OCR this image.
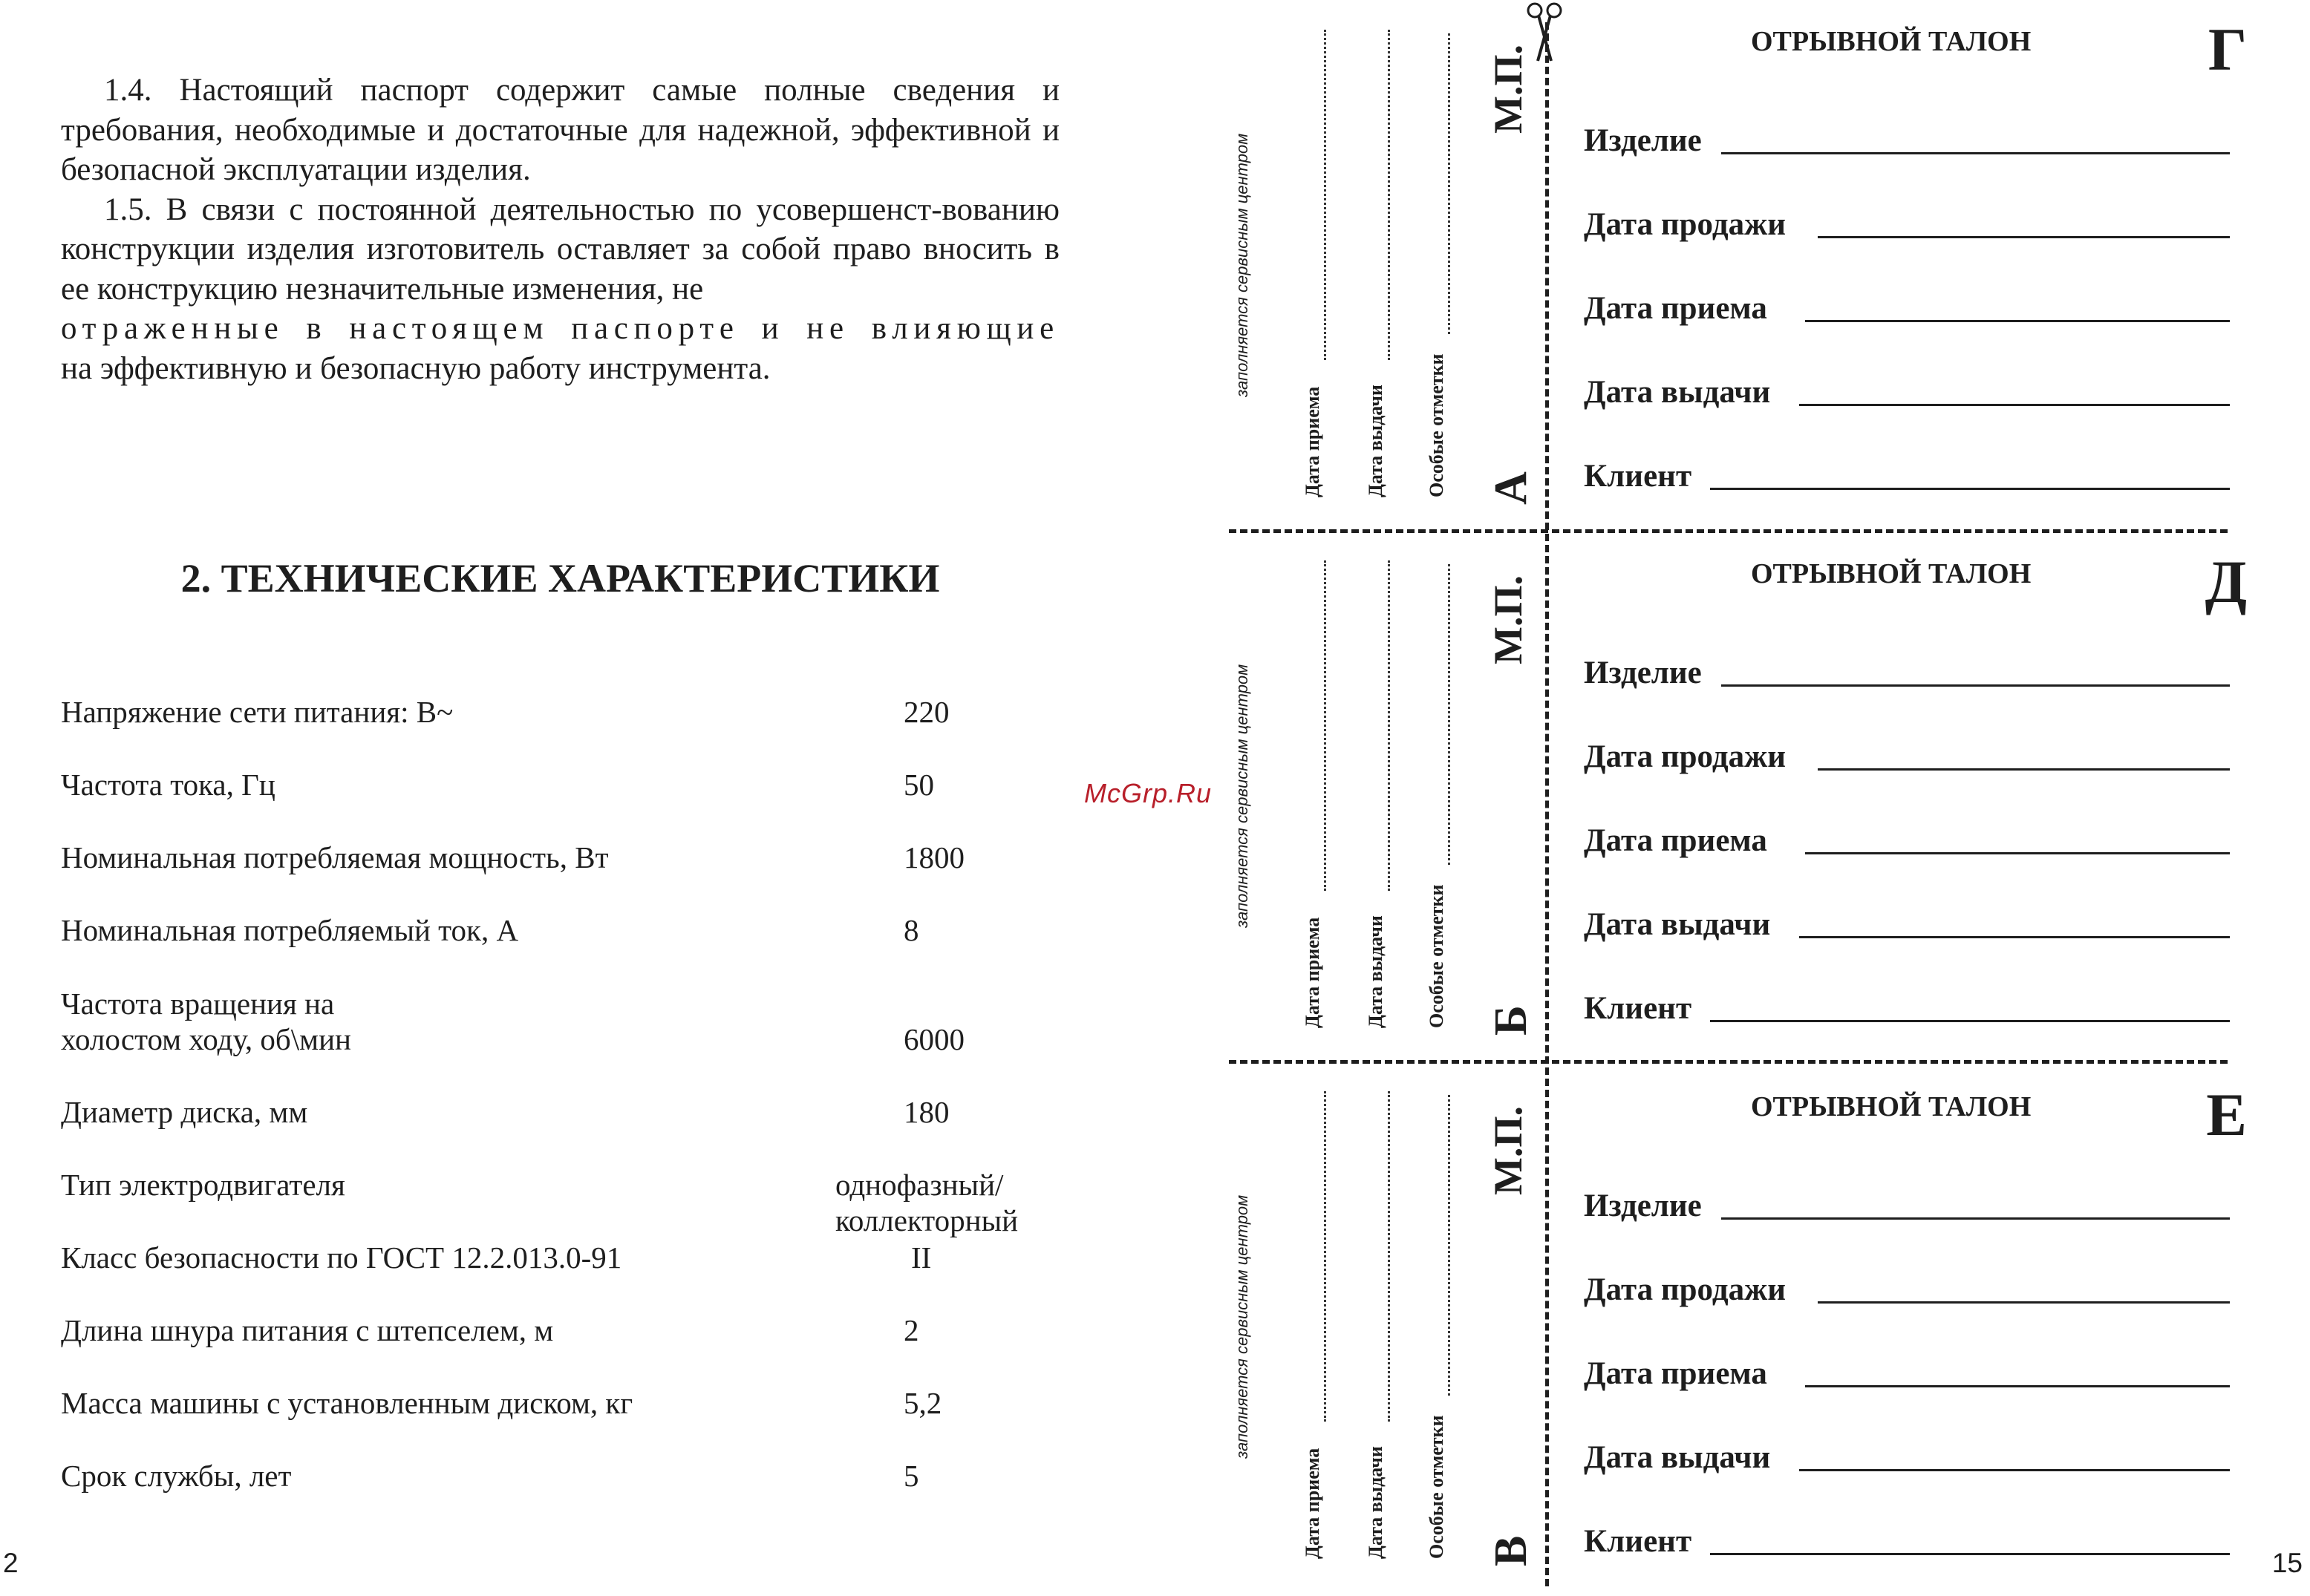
1.4. Настоящий паспорт содержит самые полные сведения и требования, необходимые и достаточные для надежной, эффективной и безопасной эксплуатации изделия.

1.5. В связи с постоянной деятельностью по усовершенст-вованию конструкции изделия изготовитель оставляет за собой право вносить в ее конструкцию незначительные изменения, не

отраженные в настоящем паспорте и не влияющие

на эффективную и безопасную работу инструмента.

2. ТЕХНИЧЕСКИЕ ХАРАКТЕРИСТИКИ
Напряжение сети питания: В~	220
Частота тока, Гц	50
Номинальная потребляемая мощность, Вт	1800
Номинальная потребляемый ток, А	8
Частота вращения на
холостом ходу, об\мин	6000
Диаметр диска, мм	180
Тип электродвигателя	однофазный/
коллекторный
Класс безопасности по ГОСТ 12.2.013.0-91	II
Длина шнура питания с штепселем, м	2
Масса машины с установленным диском, кг	5,2
Срок службы, лет	5
2	15
McGrp.Ru
заполняется сервисным центром
Дата приема Дата выдачи Особые отметки
М.П.
А
заполняется сервисным центром
Дата приема Дата выдачи Особые отметки
М.П.
Б
заполняется сервисным центром
Дата приема Дата выдачи Особые отметки
М.П.
В
ОТРЫВНОЙ ТАЛОН	Г
Изделие
Дата продажи
Дата приема
Дата выдачи
Клиент
ОТРЫВНОЙ ТАЛОН	Д
Изделие
Дата продажи
Дата приема
Дата выдачи
Клиент
ОТРЫВНОЙ ТАЛОН	Е
Изделие
Дата продажи
Дата приема
Дата выдачи
Клиент
